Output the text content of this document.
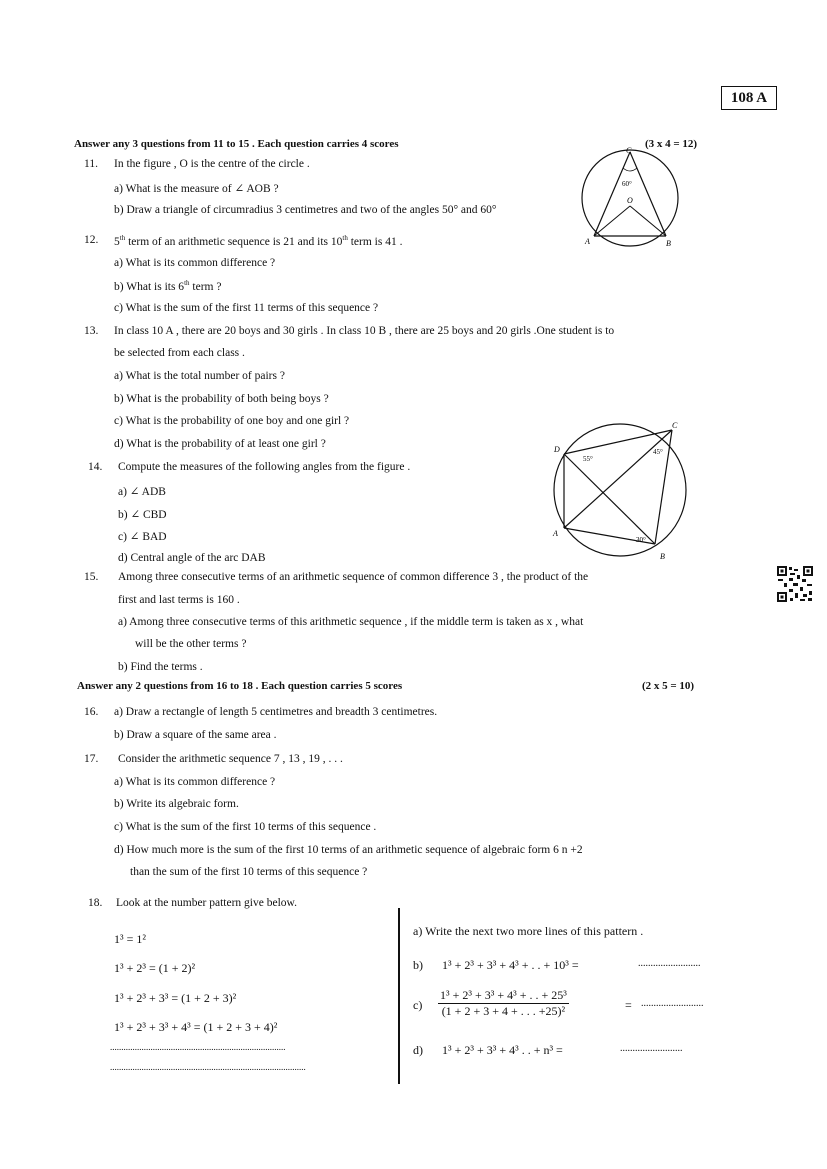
108 A
Answer any 3 questions from 11 to 15 . Each question carries 4 scores	(3 x 4 = 12)
11. In the figure , O is the centre of the circle .
a) What is the measure of ∠ AOB ?
b) Draw a triangle of circumradius 3 centimetres and two of the angles 50° and 60°
C
60°
O
A	B
12. 5th term of an arithmetic sequence is 21 and its 10th term is 41 .
a) What is its common difference ?
b) What is its 6th term ?
c) What is the sum of the first 11 terms of this sequence ?
13. In class 10 A , there are 20 boys and 30 girls . In class 10 B , there are 25 boys and 20 girls .One student is to
be selected from each class .
a) What is the total number of pairs ?
b) What is the probability of both being boys ?
c) What is the probability of one boy and one girl ?
d) What is the probability of at least one girl ?	D
C
A
B
55°
45°
30°
14. Compute the measures of the following angles from the figure .
a) ∠ ADB
b) ∠ CBD
c) ∠ BAD
d) Central angle of the arc DAB
15. Among three consecutive terms of an arithmetic sequence of common difference 3 , the product of the
first and last terms is 160 .
a) Among three consecutive terms of this arithmetic sequence , if the middle term is taken as x , what
will be the other terms ?
b) Find the terms .
Answer any 2 questions from 16 to 18 . Each question carries 5 scores	(2 x 5 = 10)
16. a) Draw a rectangle of length 5 centimetres and breadth 3 centimetres.
b) Draw a square of the same area .
17. Consider the arithmetic sequence 7 , 13 , 19 , . . .
a) What is its common difference ?
b) Write its algebraic form.
c) What is the sum of the first 10 terms of this sequence .
d) How much more is the sum of the first 10 terms of an arithmetic sequence of algebraic form 6 n +2
than the sum of the first 10 terms of this sequence ?
18. Look at the number pattern give below.
1³ = 1²
1³ + 2³ = (1 + 2)²
1³ + 2³ + 3³ = (1 + 2 + 3)²
1³ + 2³ + 3³ + 4³ = (1 + 2 + 3 + 4)²
..............................................................................
.......................................................................................
a) Write the next two more lines of this pattern .
b) 1³ + 2³ + 3³ + 4³ + . . + 10³ =	.........................
$c) \frac{\text{1³ + 2³ + 3³ + 4³ + . . + 25³}}{\text{(1 + 2 + 3 + 4 + . . . +25)²}}$	= .........................
d) 1³ + 2³ + 3³ + 4³ . . + n³ =	.........................
